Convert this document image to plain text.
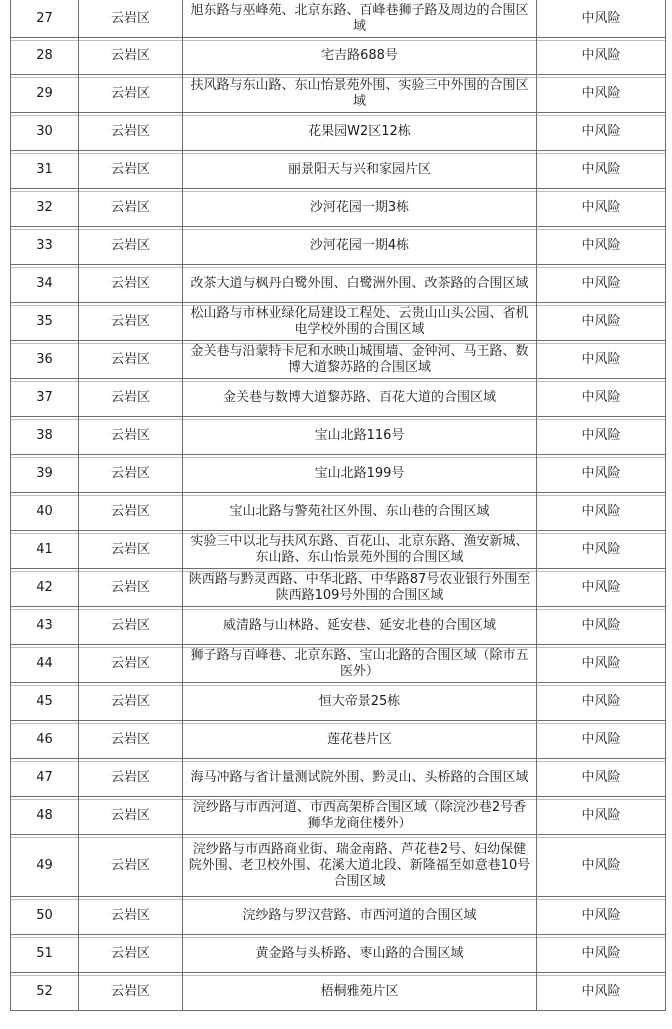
27	云岩区	旭东路与巫峰苑、北京东路、百峰巷狮子路及周边的合围区域	中风险
28	云岩区	宅吉路688号	中风险
29	云岩区	扶风路与东山路、东山怡景苑外围、实验三中外围的合围区域	中风险
30	云岩区	花果园W2区12栋	中风险
31	云岩区	丽景阳天与兴和家园片区	中风险
32	云岩区	沙河花园一期3栋	中风险
33	云岩区	沙河花园一期4栋	中风险
34	云岩区	改茶大道与枫丹白鹭外围、白鹭洲外围、改茶路的合围区域	中风险
35	云岩区	松山路与市林业绿化局建设工程处、云贵山山头公园、省机电学校外围的合围区域	中风险
36	云岩区	金关巷与沿蒙特卡尼和水映山城围墙、金钟河、马王路、数博大道黎苏路的合围区域	中风险
37	云岩区	金关巷与数博大道黎苏路、百花大道的合围区域	中风险
38	云岩区	宝山北路116号	中风险
39	云岩区	宝山北路199号	中风险
40	云岩区	宝山北路与警苑社区外围、东山巷的合围区域	中风险
41	云岩区	实验三中以北与扶风东路、百花山、北京东路、渔安新城、东山路、东山怡景苑外围的合围区域	中风险
42	云岩区	陕西路与黔灵西路、中华北路、中华路87号农业银行外围至陕西路109号外围的合围区域	中风险
43	云岩区	威清路与山林路、延安巷、延安北巷的合围区域	中风险
44	云岩区	狮子路与百峰巷、北京东路、宝山北路的合围区域（除市五医外）	中风险
45	云岩区	恒大帝景25栋	中风险
46	云岩区	莲花巷片区	中风险
47	云岩区	海马冲路与省计量测试院外围、黔灵山、头桥路的合围区域	中风险
48	云岩区	浣纱路与市西河道、市西高架桥合围区域（除浣沙巷2号香狮华龙商住楼外）	中风险
49	云岩区	浣纱路与市西路商业街、瑞金南路、芦花巷2号、妇幼保健院外围、老卫校外围、花溪大道北段、新隆福至如意巷10号合围区域	中风险
50	云岩区	浣纱路与罗汉营路、市西河道的合围区域	中风险
51	云岩区	黄金路与头桥路、枣山路的合围区域	中风险
52	云岩区	梧桐雅苑片区	中风险
